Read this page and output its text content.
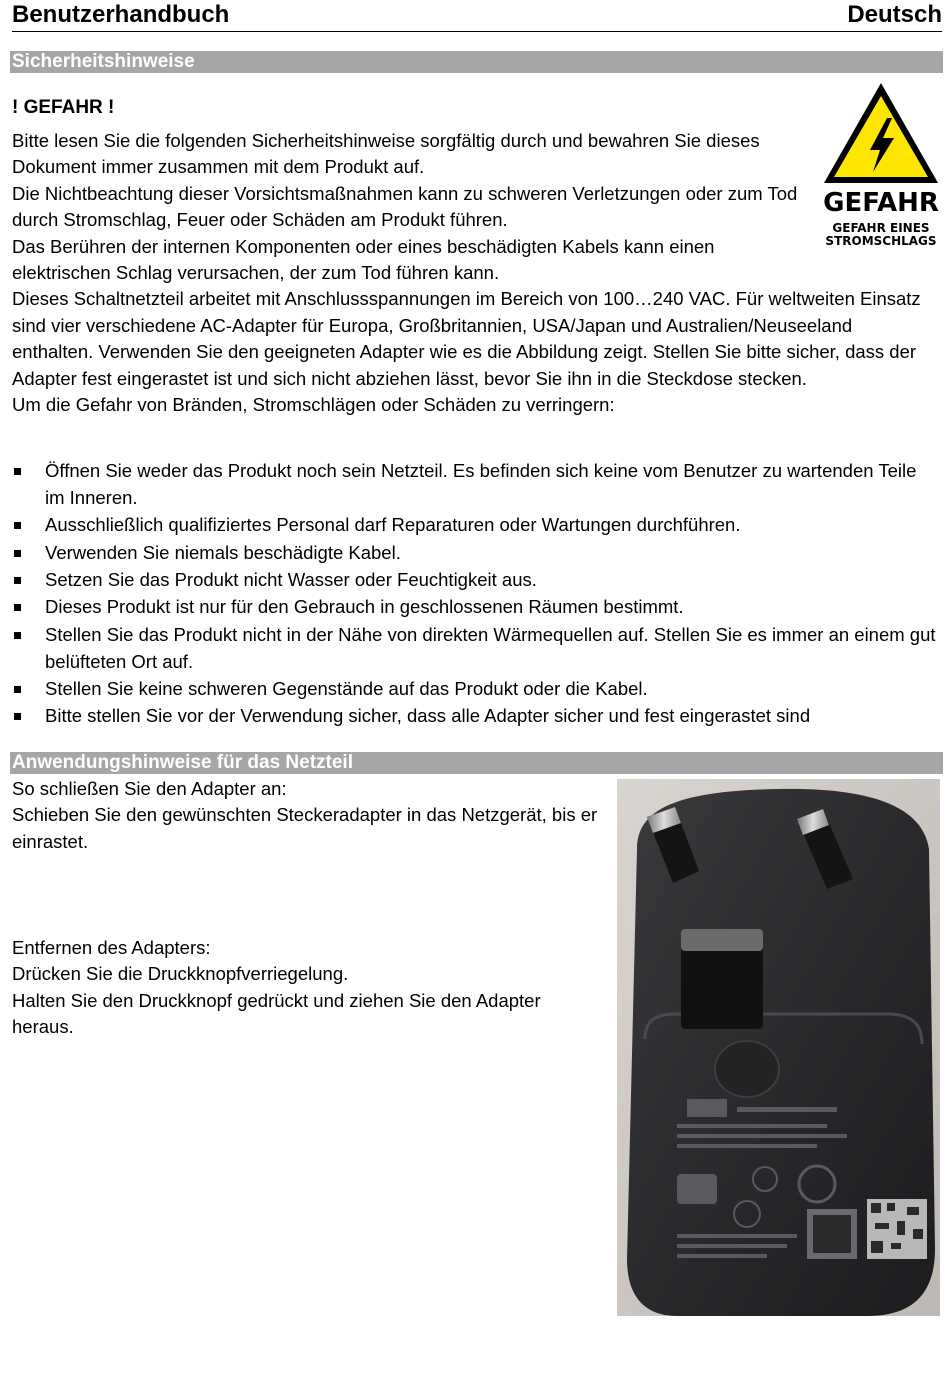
Benutzerhandbuch	Deutsch
Sicherheitshinweise
! GEFAHR !
GEFAHR
GEFAHR EINES
STROMSCHLAGS

Bitte lesen Sie die folgenden Sicherheitshinweise sorgfältig durch und bewahren Sie dieses Dokument immer zusammen mit dem Produkt auf.

Die Nichtbeachtung dieser Vorsichtsmaßnahmen kann zu schweren Verletzungen oder zum Tod durch Stromschlag, Feuer oder Schäden am Produkt führen.

Das Berühren der internen Komponenten oder eines beschädigten Kabels kann einen elektrischen Schlag verursachen, der zum Tod führen kann.

Dieses Schaltnetzteil arbeitet mit Anschlussspannungen im Bereich von 100…240 VAC. Für weltweiten Einsatz sind vier verschiedene AC-Adapter für Europa, Großbritannien, USA/Japan und Australien/Neuseeland enthalten. Verwenden Sie den geeigneten Adapter wie es die Abbildung zeigt. Stellen Sie bitte sicher, dass der Adapter fest eingerastet ist und sich nicht abziehen lässt, bevor Sie ihn in die Steckdose stecken.

Um die Gefahr von Bränden, Stromschlägen oder Schäden zu verringern:

Öffnen Sie weder das Produkt noch sein Netzteil. Es befinden sich keine vom Benutzer zu wartenden Teile im Inneren.
Ausschließlich qualifiziertes Personal darf Reparaturen oder Wartungen durchführen.
Verwenden Sie niemals beschädigte Kabel.
Setzen Sie das Produkt nicht Wasser oder Feuchtigkeit aus.
Dieses Produkt ist nur für den Gebrauch in geschlossenen Räumen bestimmt.
Stellen Sie das Produkt nicht in der Nähe von direkten Wärmequellen auf. Stellen Sie es immer an einem gut belüfteten Ort auf.
Stellen Sie keine schweren Gegenstände auf das Produkt oder die Kabel.
Bitte stellen Sie vor der Verwendung sicher, dass alle Adapter sicher und fest eingerastet sind
Anwendungshinweise für das Netzteil
So schließen Sie den Adapter an:
Schieben Sie den gewünschten Steckeradapter in das Netzgerät, bis er einrastet.
Entfernen des Adapters:
Drücken Sie die Druckknopfverriegelung.
Halten Sie den Druckknopf gedrückt und ziehen Sie den Adapter heraus.
